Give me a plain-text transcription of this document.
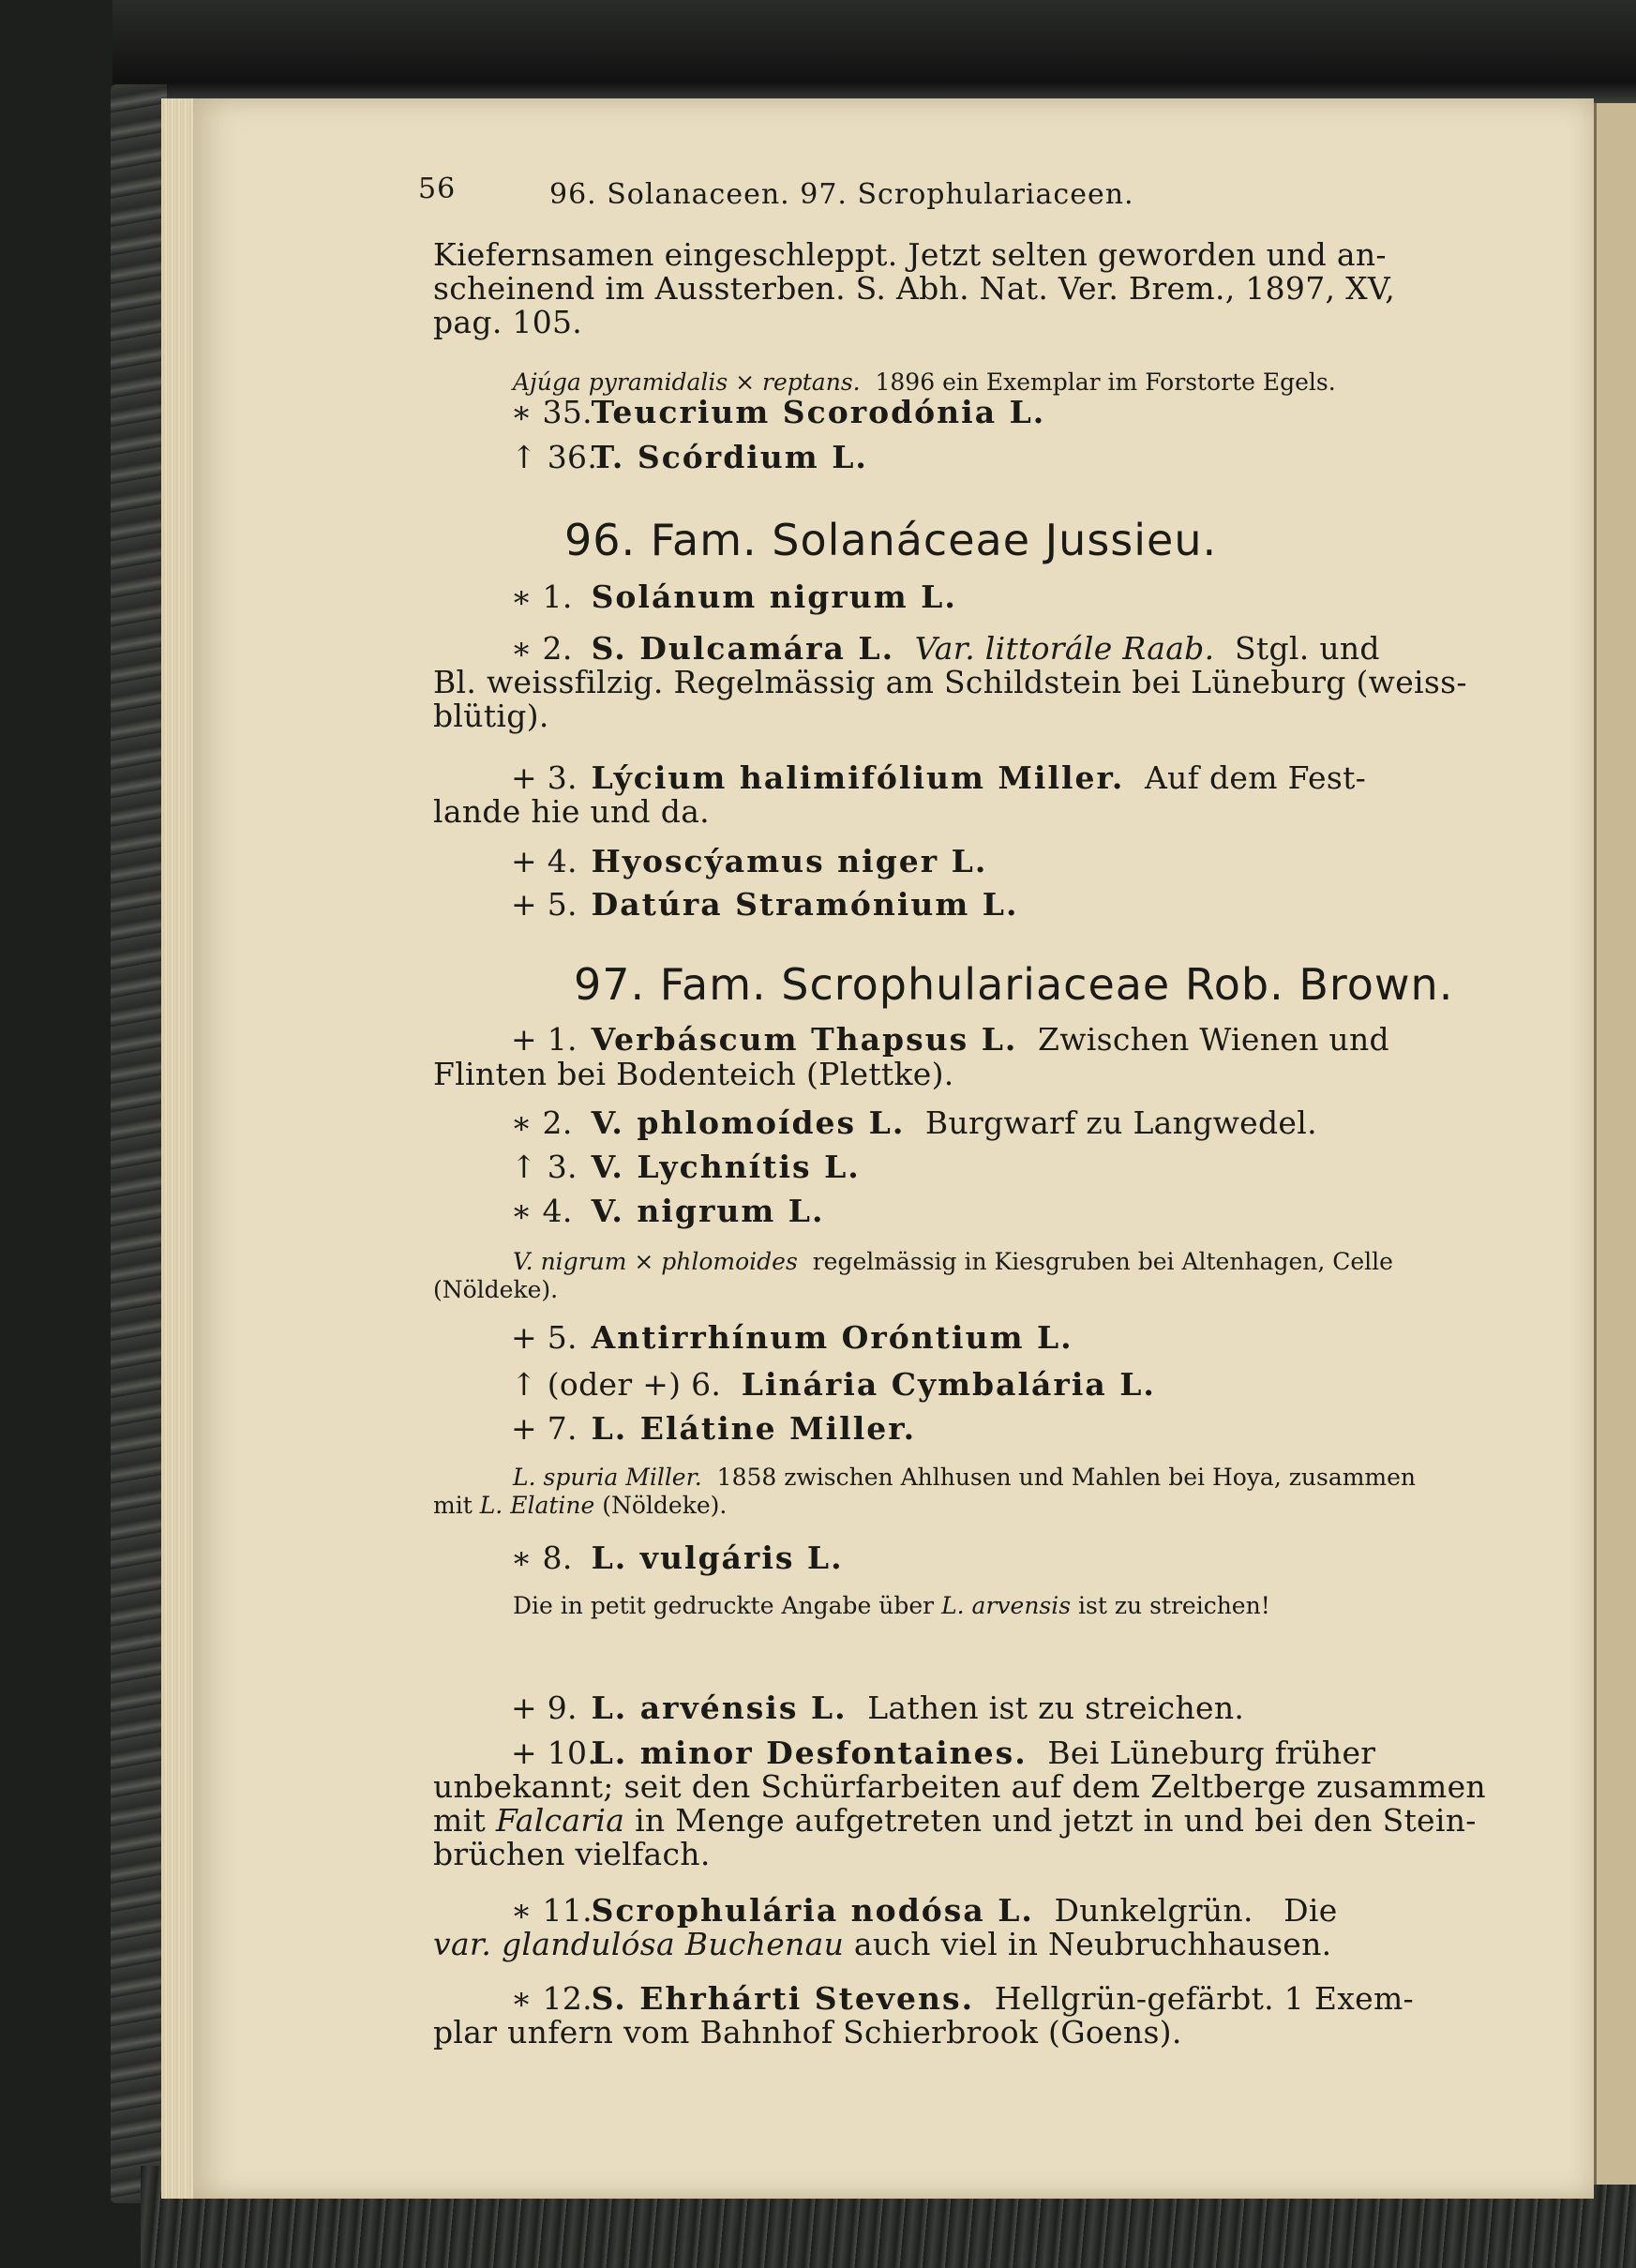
56	96. Solanaceen. 97. Scrophulariaceen.
Kiefernsamen eingeschleppt. Jetzt selten geworden und an-
scheinend im Aussterben. S. Abh. Nat. Ver. Brem., 1897, XV,
pag. 105.
Ajúga pyramidalis × reptans. 1896 ein Exemplar im Forstorte Egels.
∗ 35.  Teucrium Scorodónia L.
↑ 36.  T. Scórdium L.
96. Fam. Solanáceae Jussieu.
∗ 1. Solánum nigrum L.
∗ 2. S. Dulcamára L. Var. littorále Raab. Stgl. und
Bl. weissfilzig. Regelmässig am Schildstein bei Lüneburg (weiss-
blütig).
+ 3. Lýcium halimifólium Miller. Auf dem Fest-
lande hie und da.
+ 4. Hyoscýamus niger L.
+ 5. Datúra Stramónium L.
97. Fam. Scrophulariaceae Rob. Brown.
+ 1. Verbáscum Thapsus L. Zwischen Wienen und
Flinten bei Bodenteich (Plettke).
∗ 2. V. phlomoídes L. Burgwarf zu Langwedel.
↑ 3. V. Lychnítis L.
∗ 4. V. nigrum L.
V. nigrum × phlomoides regelmässig in Kiesgruben bei Altenhagen, Celle
(Nöldeke).
+ 5. Antirrhínum Oróntium L.
↑ (oder +) 6. Linária Cymbalária L.
+ 7. L. Elátine Miller.
L. spuria Miller. 1858 zwischen Ahlhusen und Mahlen bei Hoya, zusammen
mit L. Elatine (Nöldeke).
∗ 8. L. vulgáris L.
Die in petit gedruckte Angabe über L. arvensis ist zu streichen!
+ 9. L. arvénsis L. Lathen ist zu streichen.
+ 10.  L. minor Desfontaines. Bei Lüneburg früher
unbekannt; seit den Schürfarbeiten auf dem Zeltberge zusammen
mit Falcaria in Menge aufgetreten und jetzt in und bei den Stein-
brüchen vielfach.
∗ 11.  Scrophulária nodósa L. Dunkelgrün.   Die
var. glandulósa Buchenau auch viel in Neubruchhausen.
∗ 12.  S. Ehrhárti Stevens. Hellgrün-gefärbt. 1 Exem-
plar unfern vom Bahnhof Schierbrook (Goens).
